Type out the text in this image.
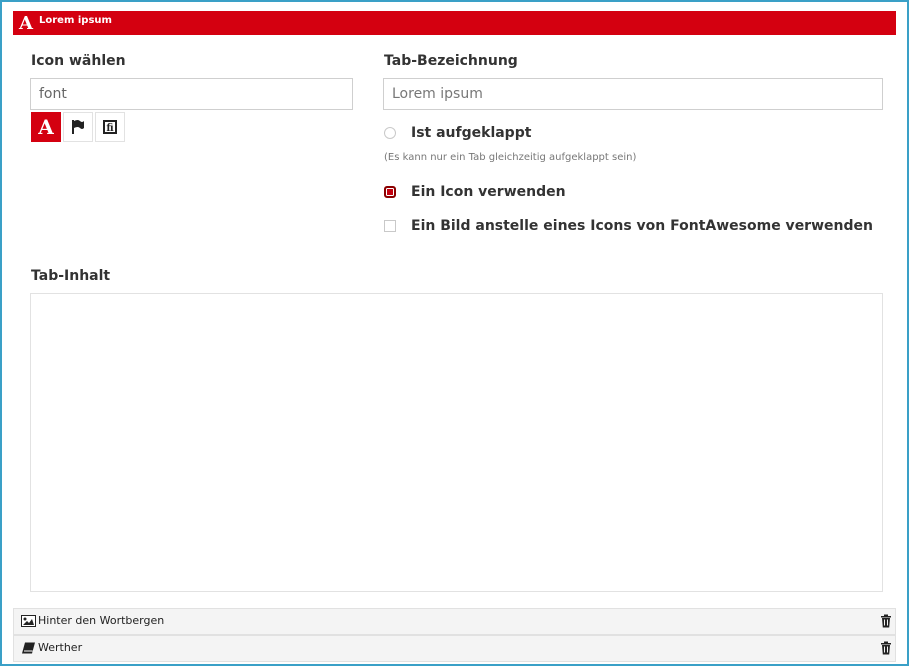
A Lorem ipsum
Icon wählen
font
A	fi
Tab-Bezeichnung
Lorem ipsum
Ist aufgeklappt
(Es kann nur ein Tab gleichzeitig aufgeklappt sein)
Ein Icon verwenden
Ein Bild anstelle eines Icons von FontAwesome verwenden
Tab-Inhalt
Hinter den Wortbergen
Werther
